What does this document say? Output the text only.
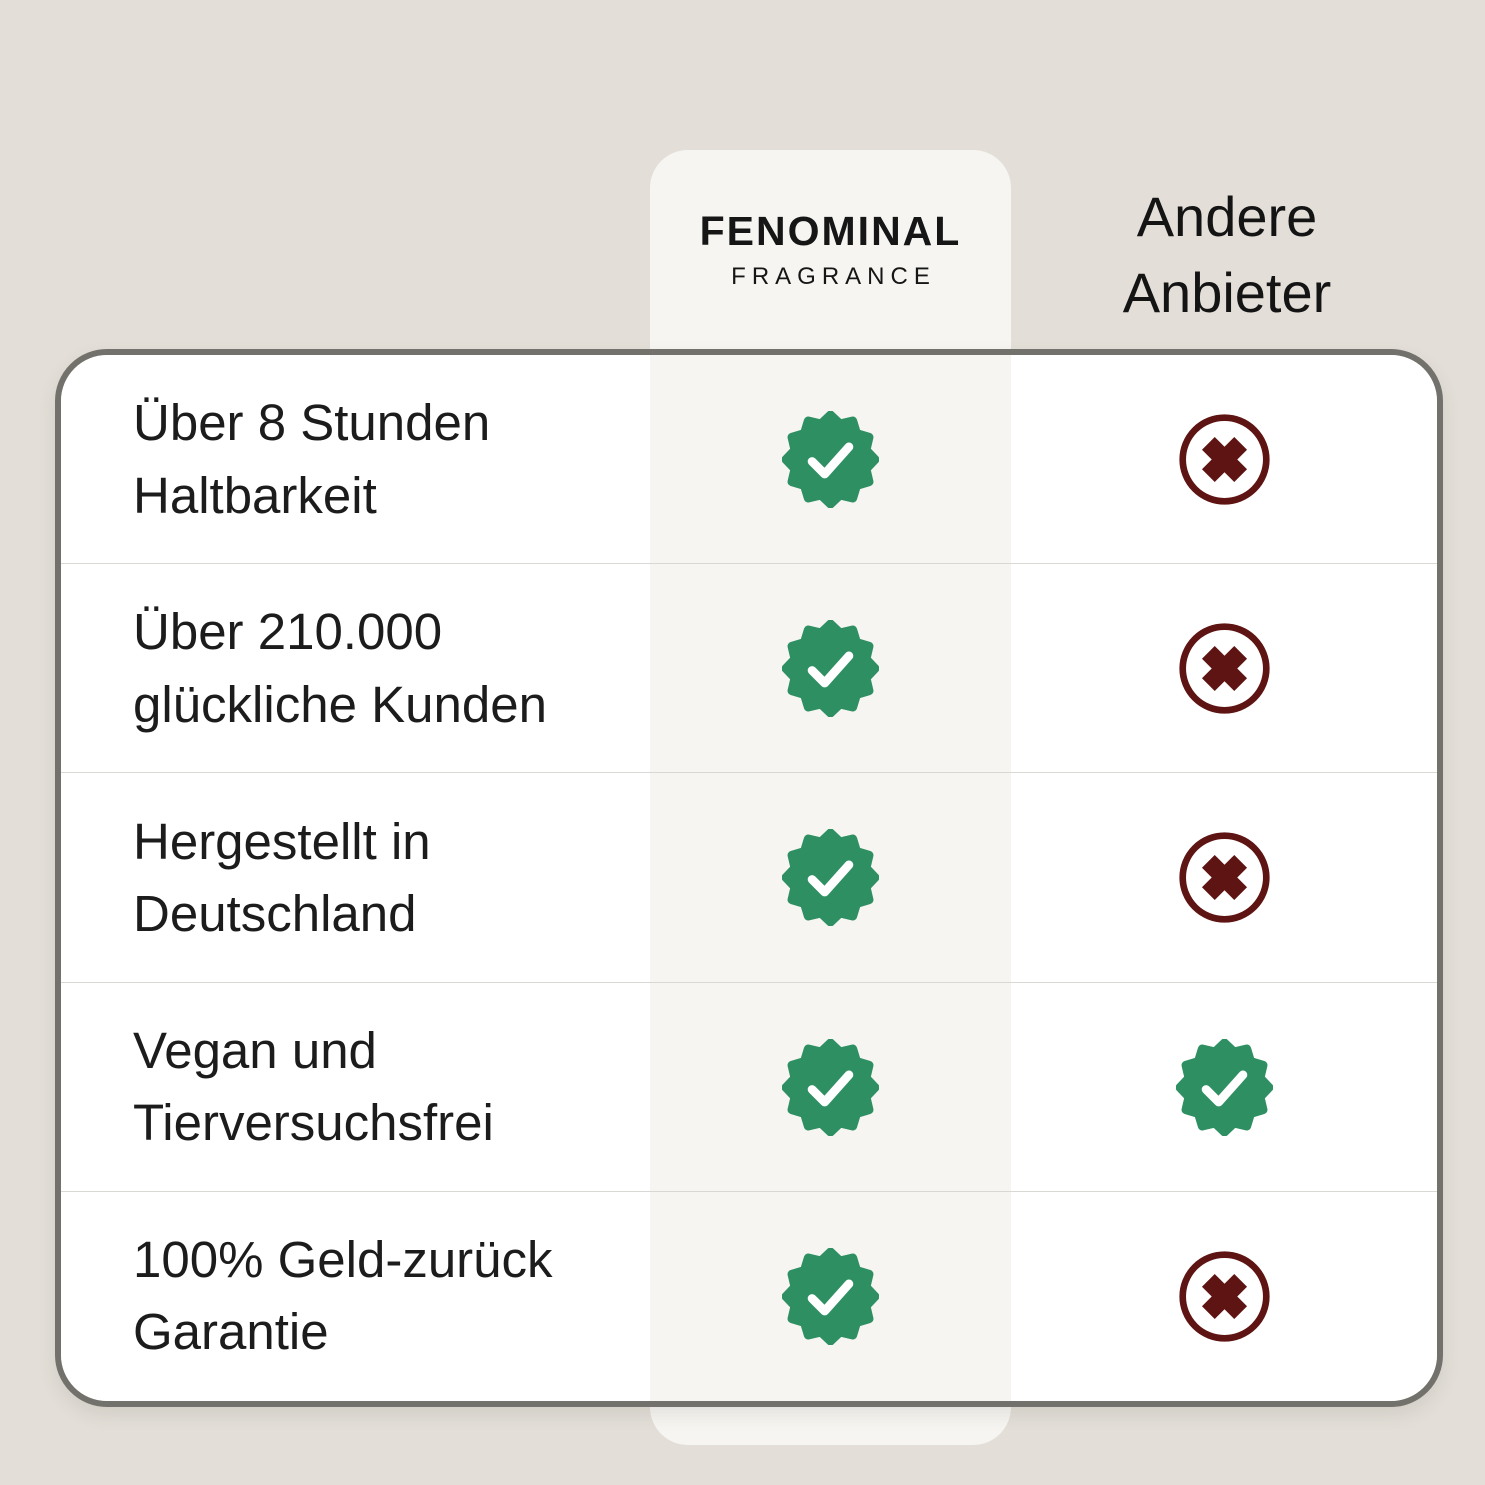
FENOMINAL
FRAGRANCE
Andere
Anbieter
Über 8 Stunden
Haltbarkeit
Über 210.000
glückliche Kunden
Hergestellt in
Deutschland
Vegan und
Tierversuchsfrei
100% Geld-zurück
Garantie
